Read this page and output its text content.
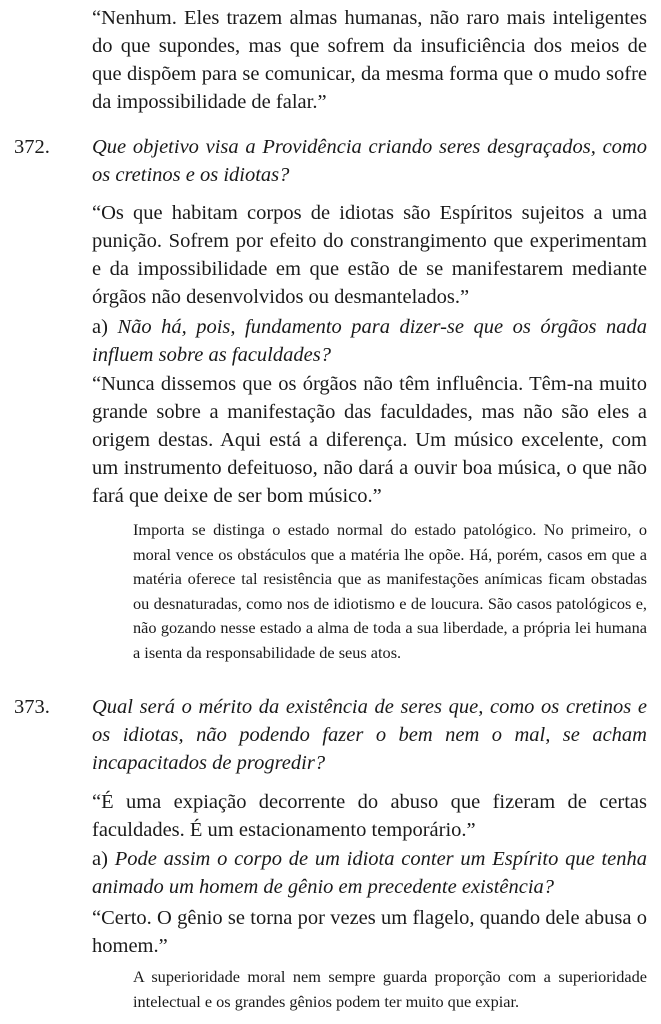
“Nenhum. Eles trazem almas humanas, não raro mais inteligentes do que supondes, mas que sofrem da insuficiência dos meios de que dispõem para se comunicar, da mesma forma que o mudo sofre da impossibilidade de falar.”

372. Que objetivo visa a Providência criando seres desgraçados, como os cretinos e os idiotas?

“Os que habitam corpos de idiotas são Espíritos sujeitos a uma punição. Sofrem por efeito do constrangimento que experimentam e da impossibilidade em que estão de se manifestarem mediante órgãos não desenvolvidos ou desmantelados.”

a) Não há, pois, fundamento para dizer-se que os órgãos nada influem sobre as faculdades?

“Nunca dissemos que os órgãos não têm influência. Têm-na muito grande sobre a manifestação das faculdades, mas não são eles a origem destas. Aqui está a diferença. Um músico excelente, com um instrumento defeituoso, não dará a ouvir boa música, o que não fará que deixe de ser bom músico.”

Importa se distinga o estado normal do estado patológico. No primeiro, o moral vence os obstáculos que a matéria lhe opõe. Há, porém, casos em que a matéria oferece tal resistência que as manifestações anímicas ficam obstadas ou desnaturadas, como nos de idiotismo e de loucura. São casos patológicos e, não gozando nesse estado a alma de toda a sua liberdade, a própria lei humana a isenta da responsabilidade de seus atos.

373. Qual será o mérito da existência de seres que, como os cretinos e os idiotas, não podendo fazer o bem nem o mal, se acham incapacitados de progredir?

“É uma expiação decorrente do abuso que fizeram de certas faculdades. É um estacionamento temporário.”

a) Pode assim o corpo de um idiota conter um Espírito que tenha animado um homem de gênio em precedente existência?

“Certo. O gênio se torna por vezes um flagelo, quando dele abusa o homem.”

A superioridade moral nem sempre guarda proporção com a superioridade intelectual e os grandes gênios podem ter muito que expiar.
